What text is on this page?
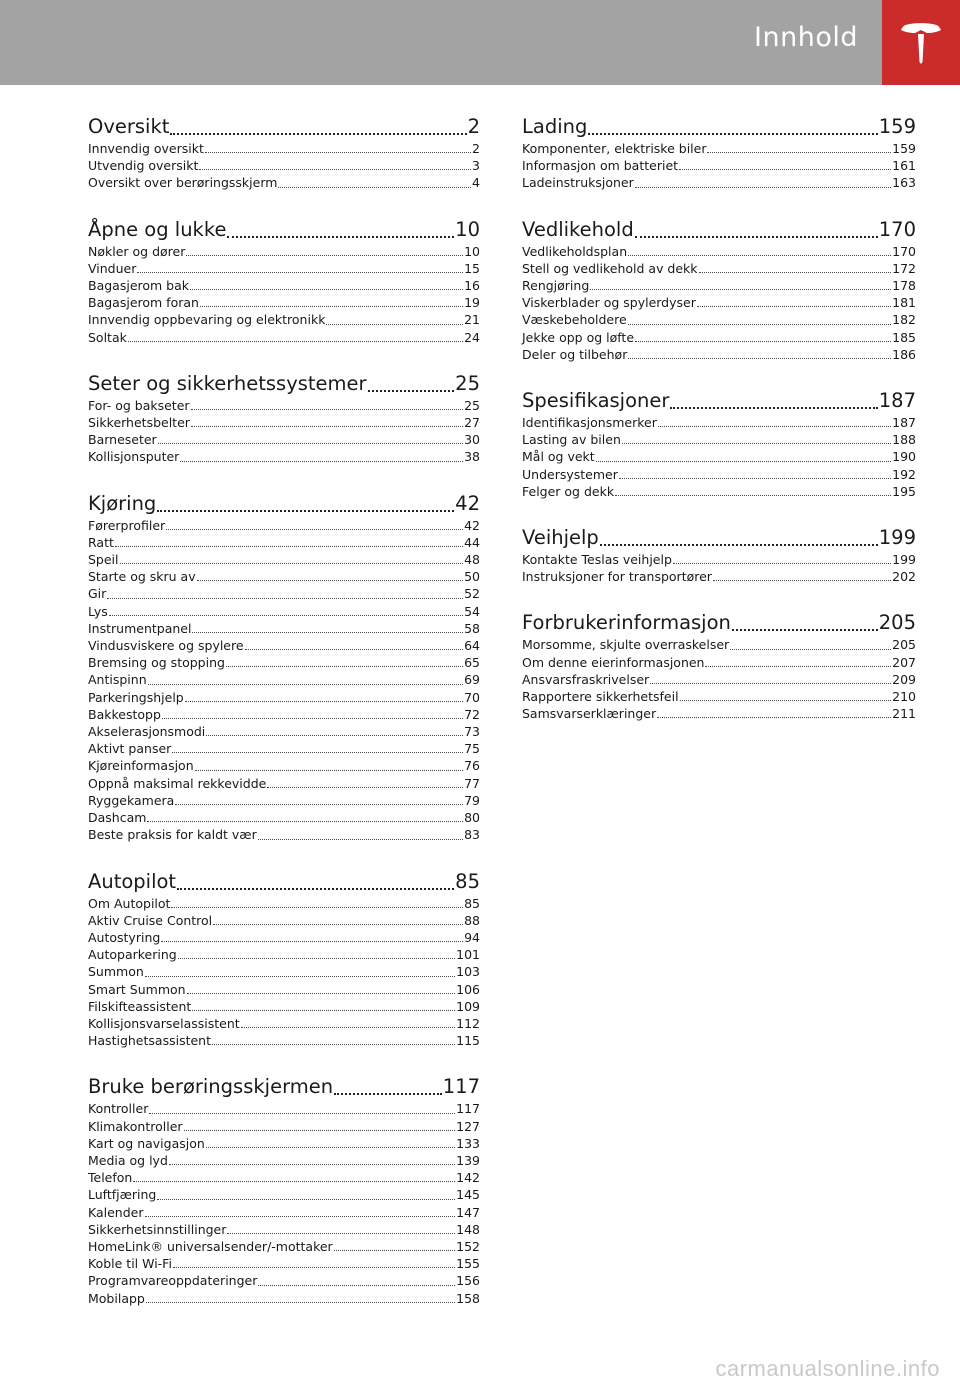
Innhold
Oversikt	2
Innvendig oversikt	2
Utvendig oversikt	3
Oversikt over berøringsskjerm	4
Åpne og lukke	10
Nøkler og dører	10
Vinduer	15
Bagasjerom bak	16
Bagasjerom foran	19
Innvendig oppbevaring og elektronikk	21
Soltak	24
Seter og sikkerhetssystemer	25
For- og bakseter	25
Sikkerhetsbelter	27
Barneseter	30
Kollisjonsputer	38
Kjøring	42
Førerprofiler	42
Ratt	44
Speil	48
Starte og skru av	50
Gir	52
Lys	54
Instrumentpanel	58
Vindusviskere og spylere	64
Bremsing og stopping	65
Antispinn	69
Parkeringshjelp	70
Bakkestopp	72
Akselerasjonsmodi	73
Aktivt panser	75
Kjøreinformasjon	76
Oppnå maksimal rekkevidde	77
Ryggekamera	79
Dashcam	80
Beste praksis for kaldt vær	83
Autopilot	85
Om Autopilot	85
Aktiv Cruise Control	88
Autostyring	94
Autoparkering	101
Summon	103
Smart Summon	106
Filskifteassistent	109
Kollisjonsvarselassistent	112
Hastighetsassistent	115
Bruke berøringsskjermen	117
Kontroller	117
Klimakontroller	127
Kart og navigasjon	133
Media og lyd	139
Telefon	142
Luftfjæring	145
Kalender	147
Sikkerhetsinnstillinger	148
HomeLink® universalsender/-mottaker	152
Koble til Wi-Fi	155
Programvareoppdateringer	156
Mobilapp	158
Lading	159
Komponenter, elektriske biler	159
Informasjon om batteriet	161
Ladeinstruksjoner	163
Vedlikehold	170
Vedlikeholdsplan	170
Stell og vedlikehold av dekk	172
Rengjøring	178
Viskerblader og spylerdyser	181
Væskebeholdere	182
Jekke opp og løfte	185
Deler og tilbehør	186
Spesifikasjoner	187
Identifikasjonsmerker	187
Lasting av bilen	188
Mål og vekt	190
Undersystemer	192
Felger og dekk	195
Veihjelp	199
Kontakte Teslas veihjelp	199
Instruksjoner for transportører	202
Forbrukerinformasjon	205
Morsomme, skjulte overraskelser	205
Om denne eierinformasjonen	207
Ansvarsfraskrivelser	209
Rapportere sikkerhetsfeil	210
Samsvarserklæringer	211
carmanualsonline.info
